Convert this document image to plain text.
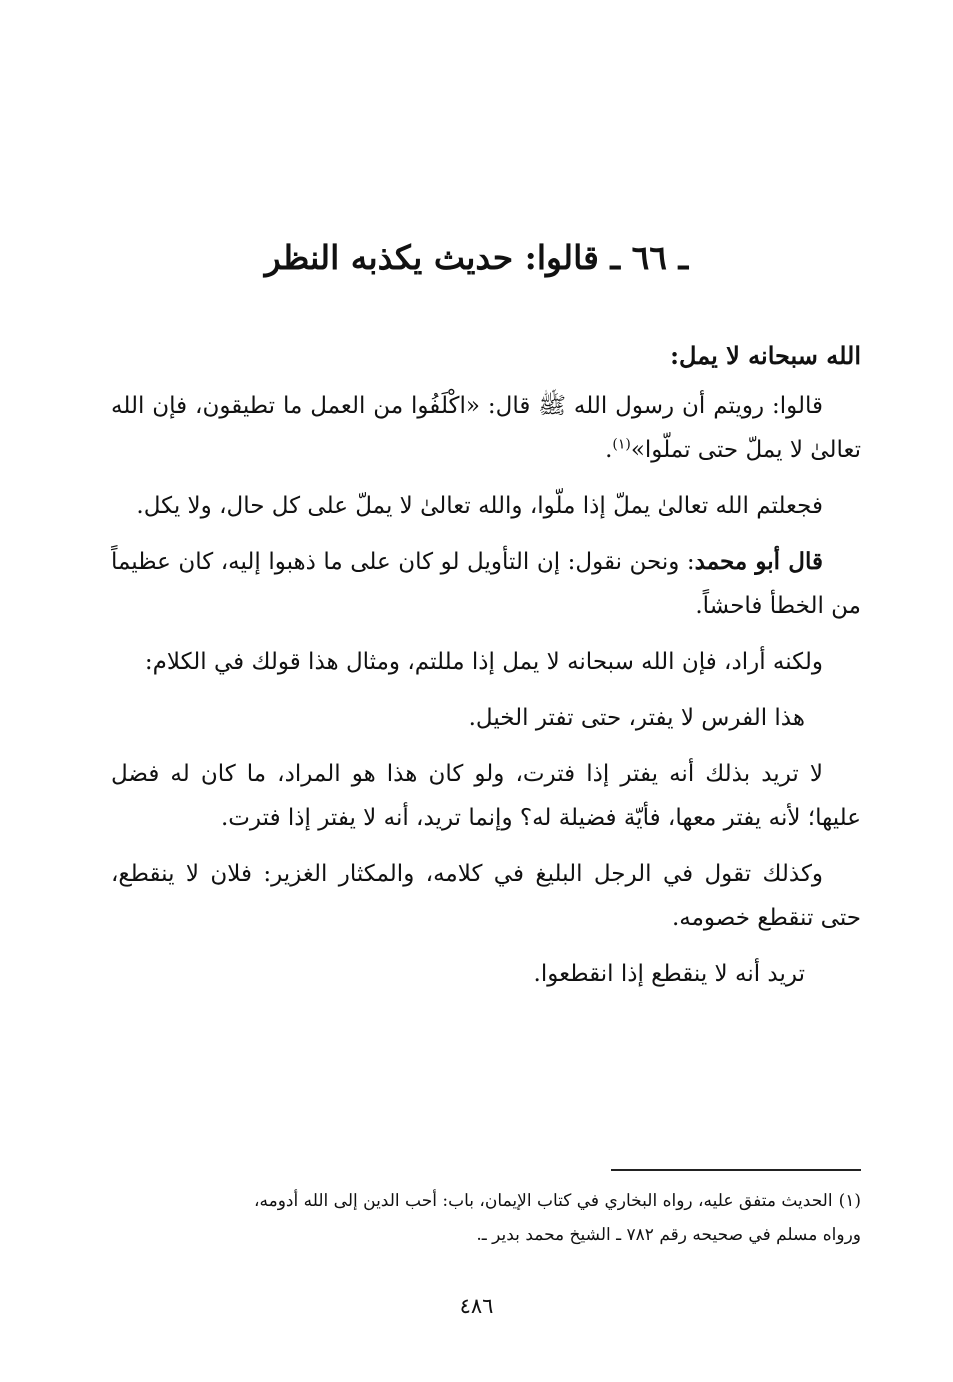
ـ ٦٦ ـ قالوا: حديث يكذبه النظر
الله سبحانه لا يمل:

قالوا: رويتم أن رسول الله ﷺ قال: «اكْلَفُوا من العمل ما تطيقون، فإن الله تعالىٰ لا يملّ حتى تملّوا»$^{(١)}$.

فجعلتم الله تعالىٰ يملّ إذا ملّوا، والله تعالىٰ لا يملّ على كل حال، ولا يكل.

قال أبو محمد: ونحن نقول: إن التأويل لو كان على ما ذهبوا إليه، كان عظيماً من الخطأ فاحشاً.

ولكنه أراد، فإن الله سبحانه لا يمل إذا مللتم، ومثال هذا قولك في الكلام:

هذا الفرس لا يفتر، حتى تفتر الخيل.

لا تريد بذلك أنه يفتر إذا فترت، ولو كان هذا هو المراد، ما كان له فضل عليها؛ لأنه يفتر معها، فأيّة فضيلة له؟ وإنما تريد، أنه لا يفتر إذا فترت.

وكذلك تقول في الرجل البليغ في كلامه، والمكثار الغزير: فلان لا ينقطع، حتى تنقطع خصومه.

تريد أنه لا ينقطع إذا انقطعوا.

(١)الحديث متفق عليه، رواه البخاري في كتاب الإيمان، باب: أحب الدين إلى الله أدومه،

ورواه مسلم في صحيحه رقم ٧٨٢ ـ الشيخ محمد بدير ـ.

٤٨٦
